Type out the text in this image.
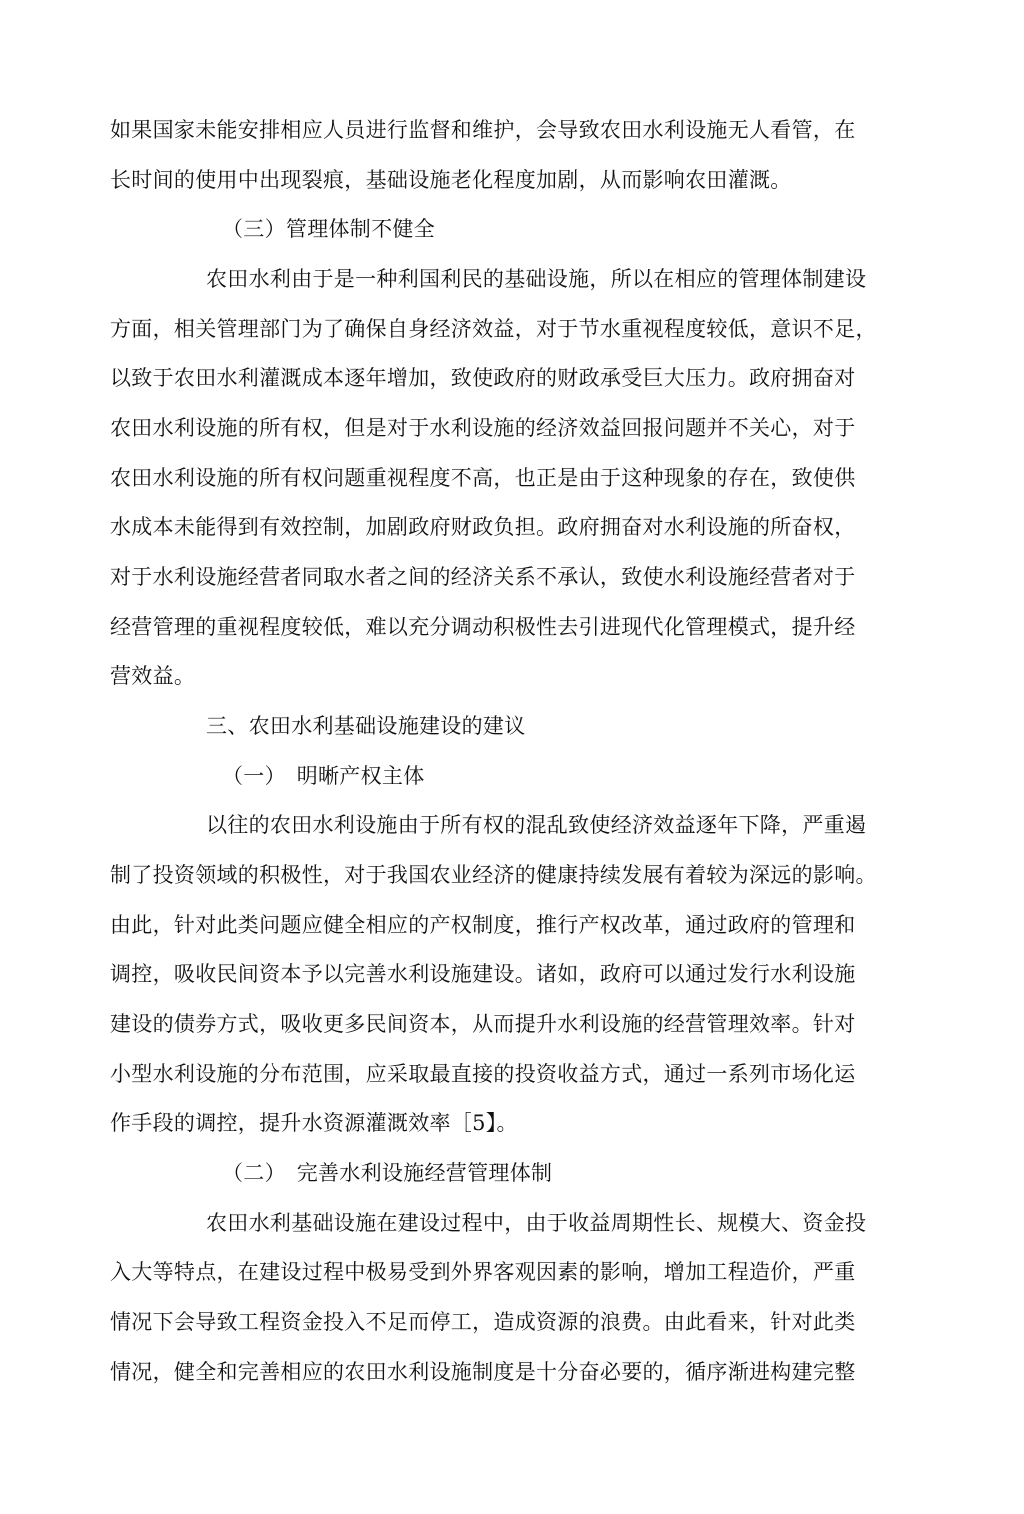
如果国家未能安排相应人员进行监督和维护，会导致农田水利设施无人看管，在
长时间的使用中出现裂痕，基础设施老化程度加剧，从而影响农田灌溉。
（三）管理体制不健全
农田水利由于是一种利国利民的基础设施，所以在相应的管理体制建设
方面，相关管理部门为了确保自身经济效益，对于节水重视程度较低，意识不足，
以致于农田水利灌溉成本逐年增加，致使政府的财政承受巨大压力。政府拥奋对
农田水利设施的所有权，但是对于水利设施的经济效益回报问题并不关心，对于
农田水利设施的所有权问题重视程度不高，也正是由于这种现象的存在，致使供
水成本未能得到有效控制，加剧政府财政负担。政府拥奋对水利设施的所奋权，
对于水利设施经营者同取水者之间的经济关系不承认，致使水利设施经营者对于
经营管理的重视程度较低，难以充分调动积极性去引进现代化管理模式，提升经
营效益。
三、农田水利基础设施建设的建议
（一）　明晰产权主体
以往的农田水利设施由于所有权的混乱致使经济效益逐年下降，严重遏
制了投资领域的积极性，对于我国农业经济的健康持续发展有着较为深远的影响。
由此，针对此类问题应健全相应的产权制度，推行产权改革，通过政府的管理和
调控，吸收民间资本予以完善水利设施建设。诸如，政府可以通过发行水利设施
建设的债券方式，吸收更多民间资本，从而提升水利设施的经营管理效率。针对
小型水利设施的分布范围，应采取最直接的投资收益方式，通过一系列市场化运
作手段的调控，提升水资源灌溉效率［5】。
（二）　完善水利设施经营管理体制
农田水利基础设施在建设过程中，由于收益周期性长、规模大、资金投
入大等特点，在建设过程中极易受到外界客观因素的影响，增加工程造价，严重
情况下会导致工程资金投入不足而停工，造成资源的浪费。由此看来，针对此类
情况，健全和完善相应的农田水利设施制度是十分奋必要的，循序渐进构建完整
